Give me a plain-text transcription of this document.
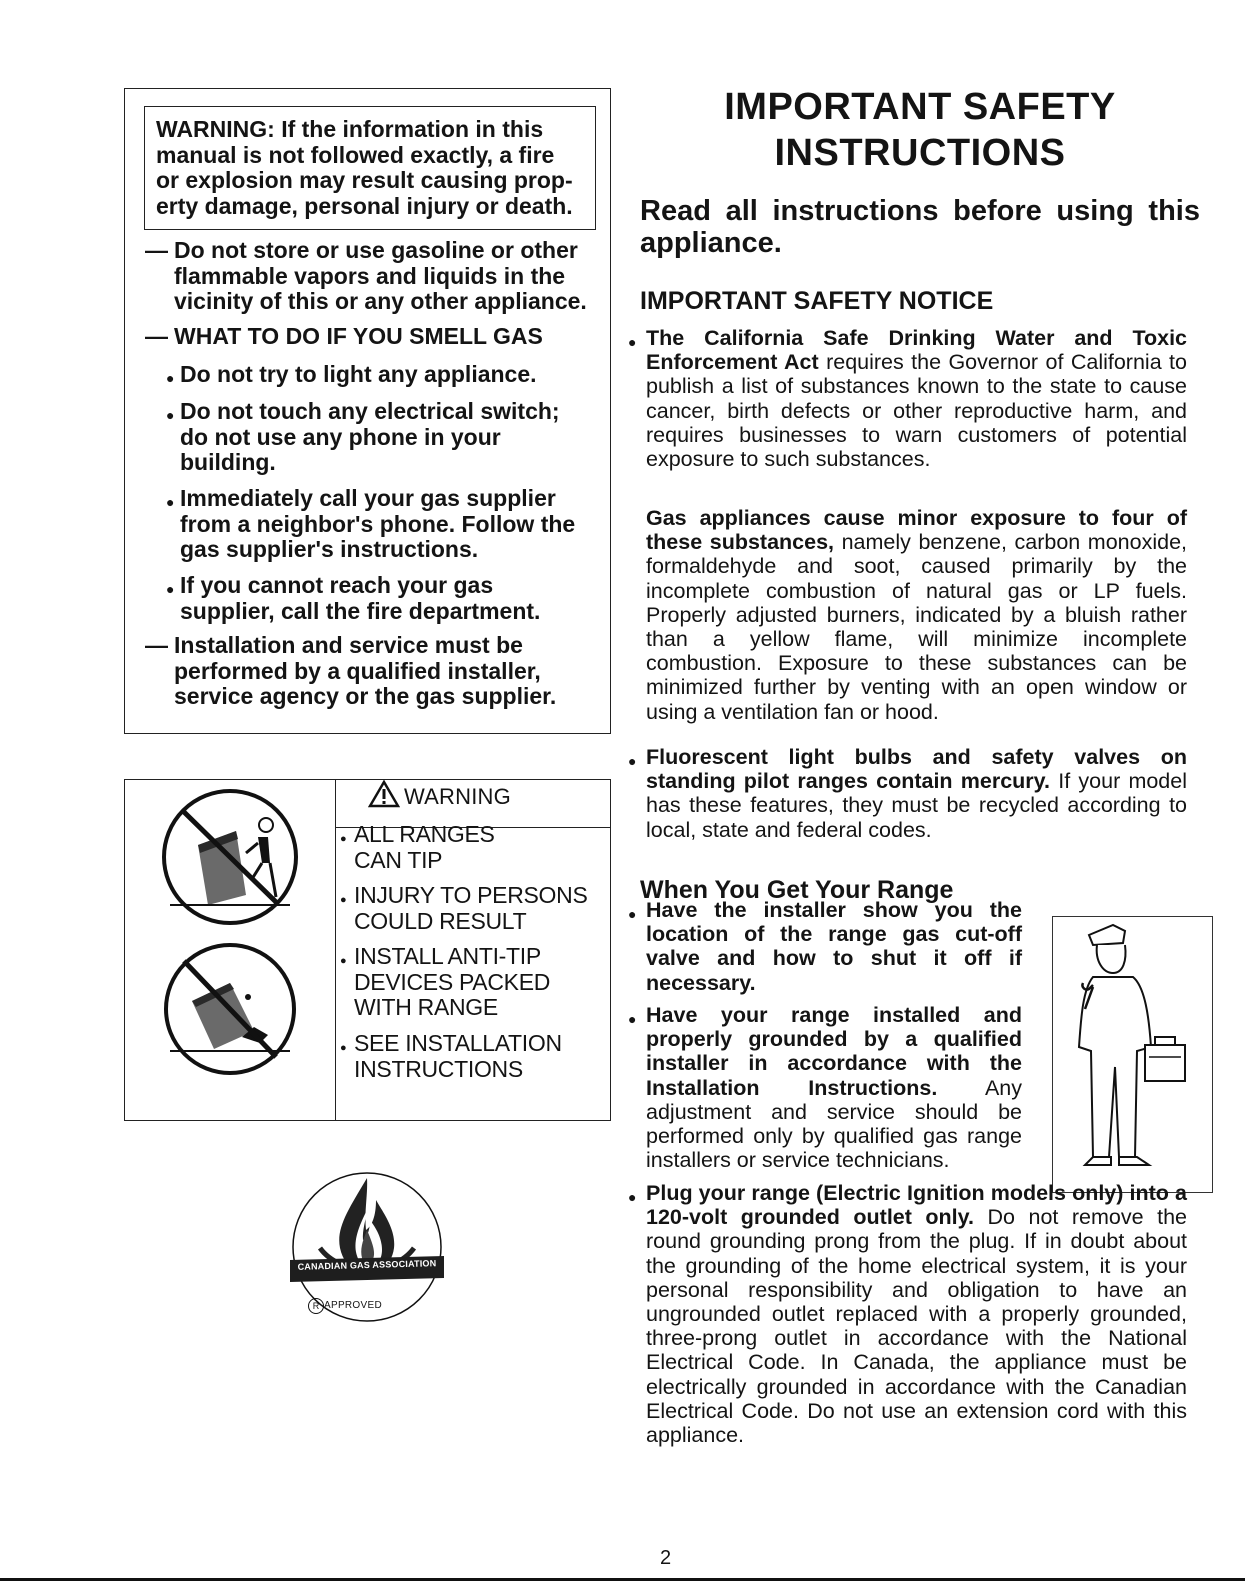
WARNING: If the information in this
manual is not followed exactly, a fire
or explosion may result causing prop-
erty damage, personal injury or death.
— Do not store or use gasoline or other
flammable vapors and liquids in the
vicinity of this or any other appliance.
— WHAT TO DO IF YOU SMELL GAS
● Do not try to light any appliance.
● Do not touch any electrical switch;
do not use any phone in your
building.
● Immediately call your gas supplier
from a neighbor's phone. Follow the
gas supplier's instructions.
● If you cannot reach your gas
supplier, call the fire department.
— Installation and service must be
performed by a qualified installer,
service agency or the gas supplier.
WARNING
● ALL RANGES
CAN TIP
● INJURY TO PERSONS
COULD RESULT
● INSTALL ANTI-TIP
DEVICES PACKED
WITH RANGE
● SEE INSTALLATION
INSTRUCTIONS
CANADIAN GAS ASSOCIATION
R APPROVED
IMPORTANT SAFETY
INSTRUCTIONS
Read all instructions before using this appliance.
IMPORTANT SAFETY NOTICE
● The California Safe Drinking Water and Toxic Enforcement Act requires the Governor of California to publish a list of substances known to the state to cause cancer, birth defects or other reproductive harm, and requires businesses to warn customers of potential exposure to such substances.
Gas appliances cause minor exposure to four of these substances, namely benzene, carbon monoxide, formaldehyde and soot, caused primarily by the incomplete combustion of natural gas or LP fuels. Properly adjusted burners, indicated by a bluish rather than a yellow flame, will minimize incomplete combustion. Exposure to these substances can be minimized further by venting with an open window or using a ventilation fan or hood.
● Fluorescent light bulbs and safety valves on standing pilot ranges contain mercury. If your model has these features, they must be recycled according to local, state and federal codes.
When You Get Your Range
● Have the installer show you the location of the range gas cut-off valve and how to shut it off if necessary.
● Have your range installed and properly grounded by a qualified installer in accordance with the Installation Instructions. Any adjustment and service should be performed only by qualified gas range installers or service technicians.
● Plug your range (Electric Ignition models only) into a 120-volt grounded outlet only. Do not remove the round grounding prong from the plug. If in doubt about the grounding of the home electrical system, it is your personal responsibility and obligation to have an ungrounded outlet replaced with a properly grounded, three-prong outlet in accordance with the National Electrical Code. In Canada, the appliance must be electrically grounded in accordance with the Canadian Electrical Code. Do not use an extension cord with this appliance.
2
